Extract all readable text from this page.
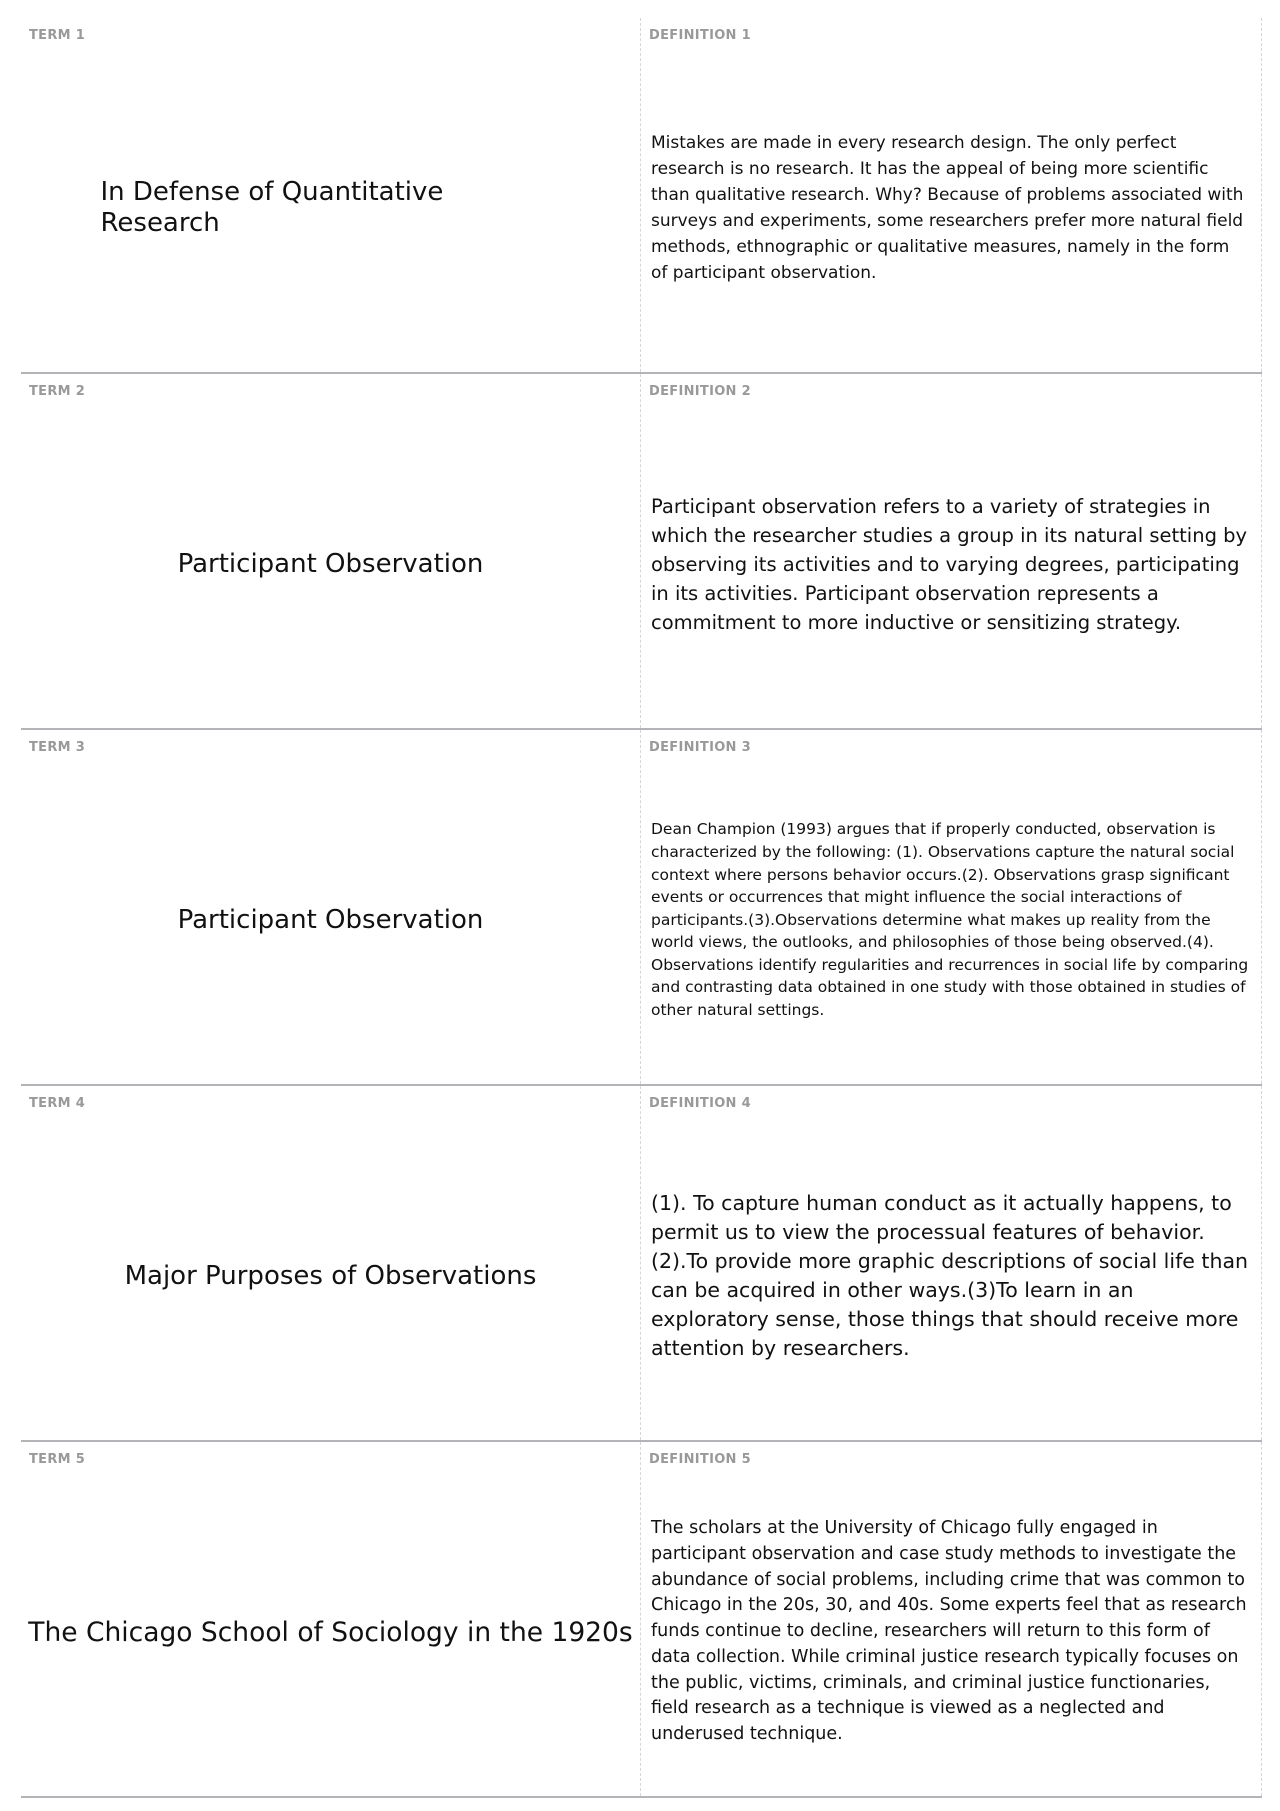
TERM 1
In Defense of Quantitative Research
DEFINITION 1
Mistakes are made in every research design. The only perfect research is no research. It has the appeal of being more scientific than qualitative research. Why? Because of problems associated with surveys and experiments, some researchers prefer more natural field methods, ethnographic or qualitative measures, namely in the form of participant observation.
TERM 2
Participant Observation
DEFINITION 2
Participant observation refers to a variety of strategies in which the researcher studies a group in its natural setting by observing its activities and to varying degrees, participating in its activities. Participant observation represents a commitment to more inductive or sensitizing strategy.
TERM 3
Participant Observation
DEFINITION 3
Dean Champion (1993) argues that if properly conducted, observation is characterized by the following: (1). Observations capture the natural social context where persons behavior occurs.(2). Observations grasp significant events or occurrences that might influence the social interactions of participants.(3).Observations determine what makes up reality from the world views, the outlooks, and philosophies of those being observed.(4). Observations identify regularities and recurrences in social life by comparing and contrasting data obtained in one study with those obtained in studies of other natural settings.
TERM 4
Major Purposes of Observations
DEFINITION 4
(1). To capture human conduct as it actually happens, to permit us to view the processual features of behavior.(2).To provide more graphic descriptions of social life than can be acquired in other ways.(3)To learn in an exploratory sense, those things that should receive more attention by researchers.
TERM 5
The Chicago School of Sociology in the 1920s
DEFINITION 5
The scholars at the University of Chicago fully engaged in participant observation and case study methods to investigate the abundance of social problems, including crime that was common to Chicago in the 20s, 30, and 40s. Some experts feel that as research funds continue to decline, researchers will return to this form of data collection. While criminal justice research typically focuses on the public, victims, criminals, and criminal justice functionaries, field research as a technique is viewed as a neglected and underused technique.
